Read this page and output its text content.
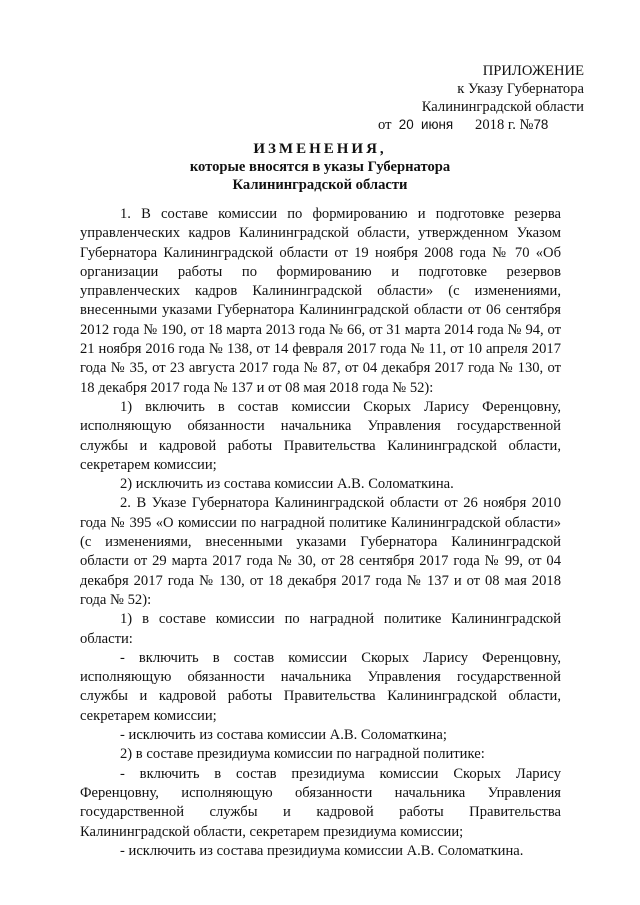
ПРИЛОЖЕНИЕ
к Указу Губернатора
Калининградской области
от 20 июня 2018 г. №78
ИЗМЕНЕНИЯ,
которые вносятся в указы Губернатора
Калининградской области

1. В составе комиссии по формированию и подготовке резерва управленческих кадров Калининградской области, утвержденном Указом Губернатора Калининградской области от 19 ноября 2008 года № 70 «Об организации работы по формированию и подготовке резервов управленческих кадров Калининградской области» (с изменениями, внесенными указами Губернатора Калининградской области от 06 сентября 2012 года № 190, от 18 марта 2013 года № 66, от 31 марта 2014 года № 94, от 21 ноября 2016 года № 138, от 14 февраля 2017 года № 11, от 10 апреля 2017 года № 35, от 23 августа 2017 года № 87, от 04 декабря 2017 года № 130, от 18 декабря 2017 года № 137 и от 08 мая 2018 года № 52):

1) включить в состав комиссии Скорых Ларису Ференцовну, исполняющую обязанности начальника Управления государственной службы и кадровой работы Правительства Калининградской области, секретарем комиссии;

2) исключить из состава комиссии А.В. Соломаткина.

2. В Указе Губернатора Калининградской области от 26 ноября 2010 года № 395 «О комиссии по наградной политике Калининградской области» (с изменениями, внесенными указами Губернатора Калининградской области от 29 марта 2017 года № 30, от 28 сентября 2017 года № 99, от 04 декабря 2017 года № 130, от 18 декабря 2017 года № 137 и от 08 мая 2018 года № 52):

1) в составе комиссии по наградной политике Калининградской области:

- включить в состав комиссии Скорых Ларису Ференцовну, исполняющую обязанности начальника Управления государственной службы и кадровой работы Правительства Калининградской области, секретарем комиссии;

- исключить из состава комиссии А.В. Соломаткина;

2) в составе президиума комиссии по наградной политике:

- включить в состав президиума комиссии Скорых Ларису Ференцовну, исполняющую обязанности начальника Управления государственной службы и кадровой работы Правительства Калининградской области, секретарем президиума комиссии;

- исключить из состава президиума комиссии А.В. Соломаткина.
